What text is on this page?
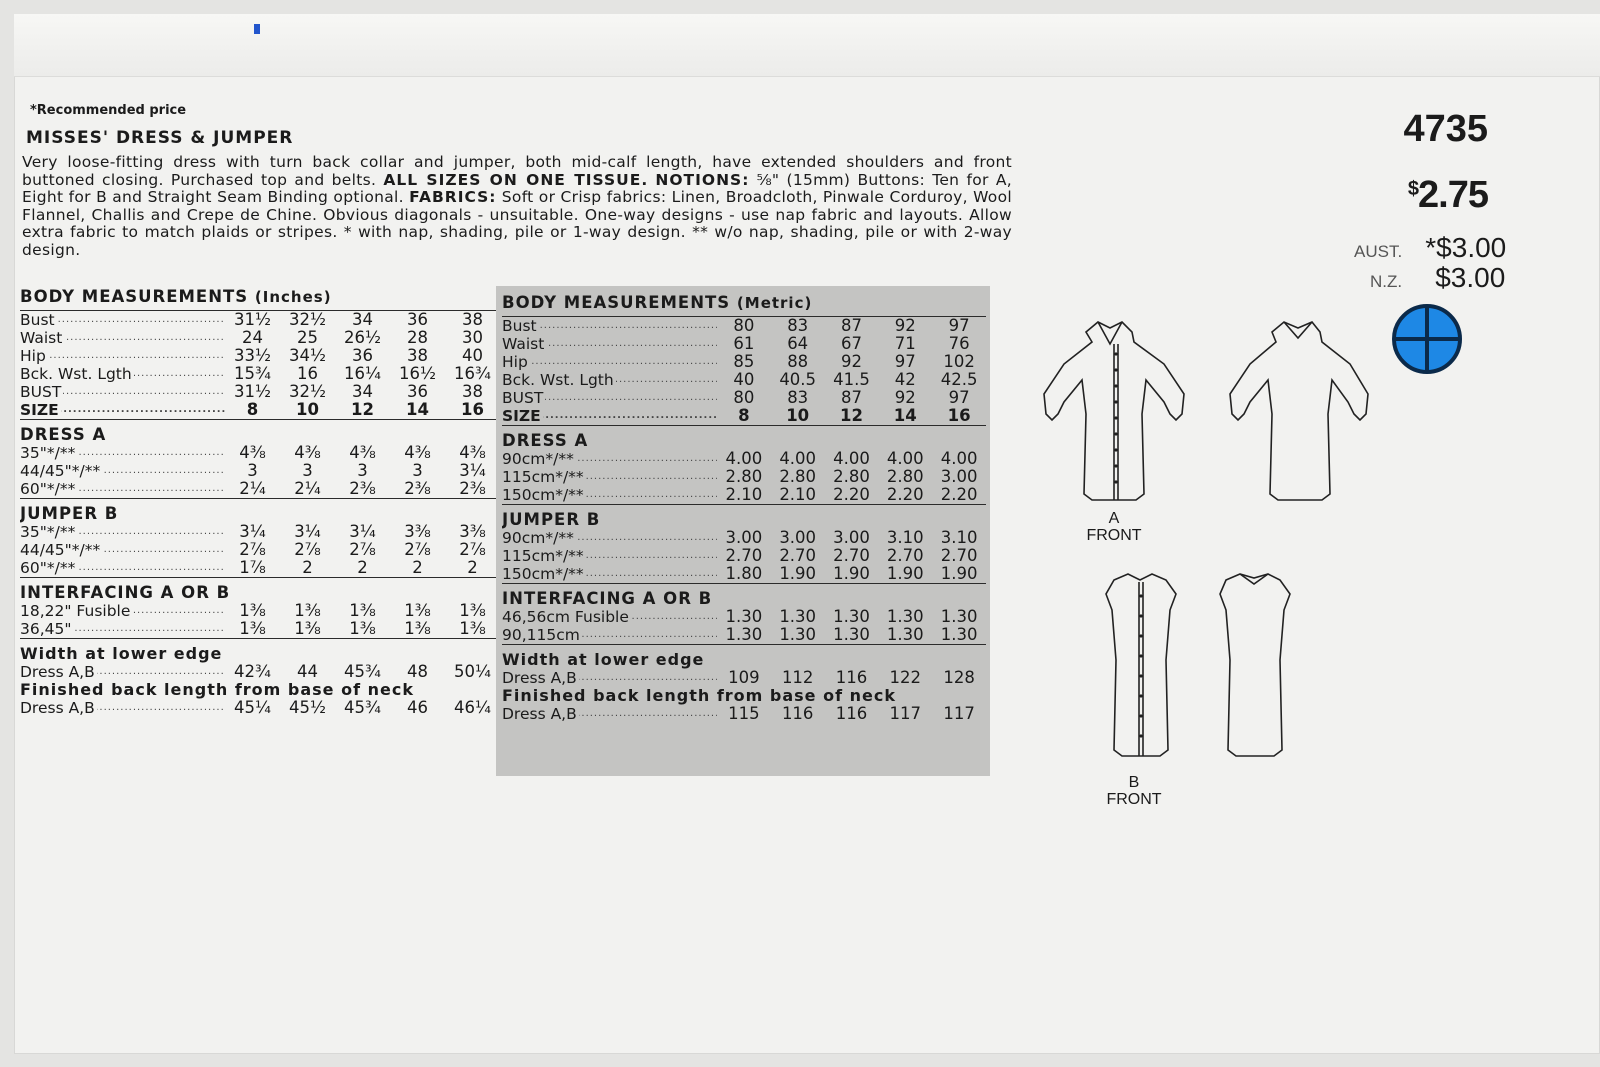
*Recommended price
MISSES' DRESS & JUMPER
Very loose-fitting dress with turn back collar and jumper, both mid-calf length, have extended shoulders and front buttoned closing. Purchased top and belts. ALL SIZES ON ONE TISSUE. NOTIONS: ⅝" (15mm) Buttons: Ten for A, Eight for B and Straight Seam Binding optional. FABRICS: Soft or Crisp fabrics: Linen, Broadcloth, Pinwale Corduroy, Wool Flannel, Challis and Crepe de Chine. Obvious diagonals - unsuitable. One-way designs - use nap fabric and layouts. Allow extra fabric to match plaids or stripes. * with nap, shading, pile or 1-way design. ** w/o nap, shading, pile or with 2-way design.
4735
$2.75
AUST. *$3.00
N.Z. $3.00
BODY MEASUREMENTS (Inches)					
Bust .....	31½	32½	34	36	38
Waist .....	24	25	26½	28	30
Hip .....	33½	34½	36	38	40
Bck. Wst. Lgth .....	15¾	16	16¼	16½	16¾
BUST .....	31½	32½	34	36	38
SIZE .....	8	10	12	14	16
DRESS A					
35"*/** .....	4⅜	4⅜	4⅜	4⅜	4⅜
44/45"*/** .....	3	3	3	3	3¼
60"*/** .....	2¼	2¼	2⅜	2⅜	2⅜
JUMPER B					
35"*/** .....	3¼	3¼	3¼	3⅜	3⅜
44/45"*/** .....	2⅞	2⅞	2⅞	2⅞	2⅞
60"*/** .....	1⅞	2	2	2	2
INTERFACING A OR B					
18,22" Fusible .....	1⅜	1⅜	1⅜	1⅜	1⅜
36,45" .....	1⅜	1⅜	1⅜	1⅜	1⅜
Width at lower edge					
Dress A,B .....	42¾	44	45¾	48	50¼
Finished back length from base of neck					
Dress A,B .....	45¼	45½	45¾	46	46¼
BODY MEASUREMENTS (Metric)					
Bust .....	80	83	87	92	97
Waist .....	61	64	67	71	76
Hip .....	85	88	92	97	102
Bck. Wst. Lgth .....	40	40.5	41.5	42	42.5
BUST .....	80	83	87	92	97
SIZE .....	8	10	12	14	16
DRESS A					
90cm*/** .....	4.00	4.00	4.00	4.00	4.00
115cm*/** .....	2.80	2.80	2.80	2.80	3.00
150cm*/** .....	2.10	2.10	2.20	2.20	2.20
JUMPER B					
90cm*/** .....	3.00	3.00	3.00	3.10	3.10
115cm*/** .....	2.70	2.70	2.70	2.70	2.70
150cm*/** .....	1.80	1.90	1.90	1.90	1.90
INTERFACING A OR B					
46,56cm Fusible .....	1.30	1.30	1.30	1.30	1.30
90,115cm .....	1.30	1.30	1.30	1.30	1.30
Width at lower edge					
Dress A,B .....	109	112	116	122	128
Finished back length from base of neck					
Dress A,B .....	115	116	116	117	117
A
FRONT
B
FRONT
